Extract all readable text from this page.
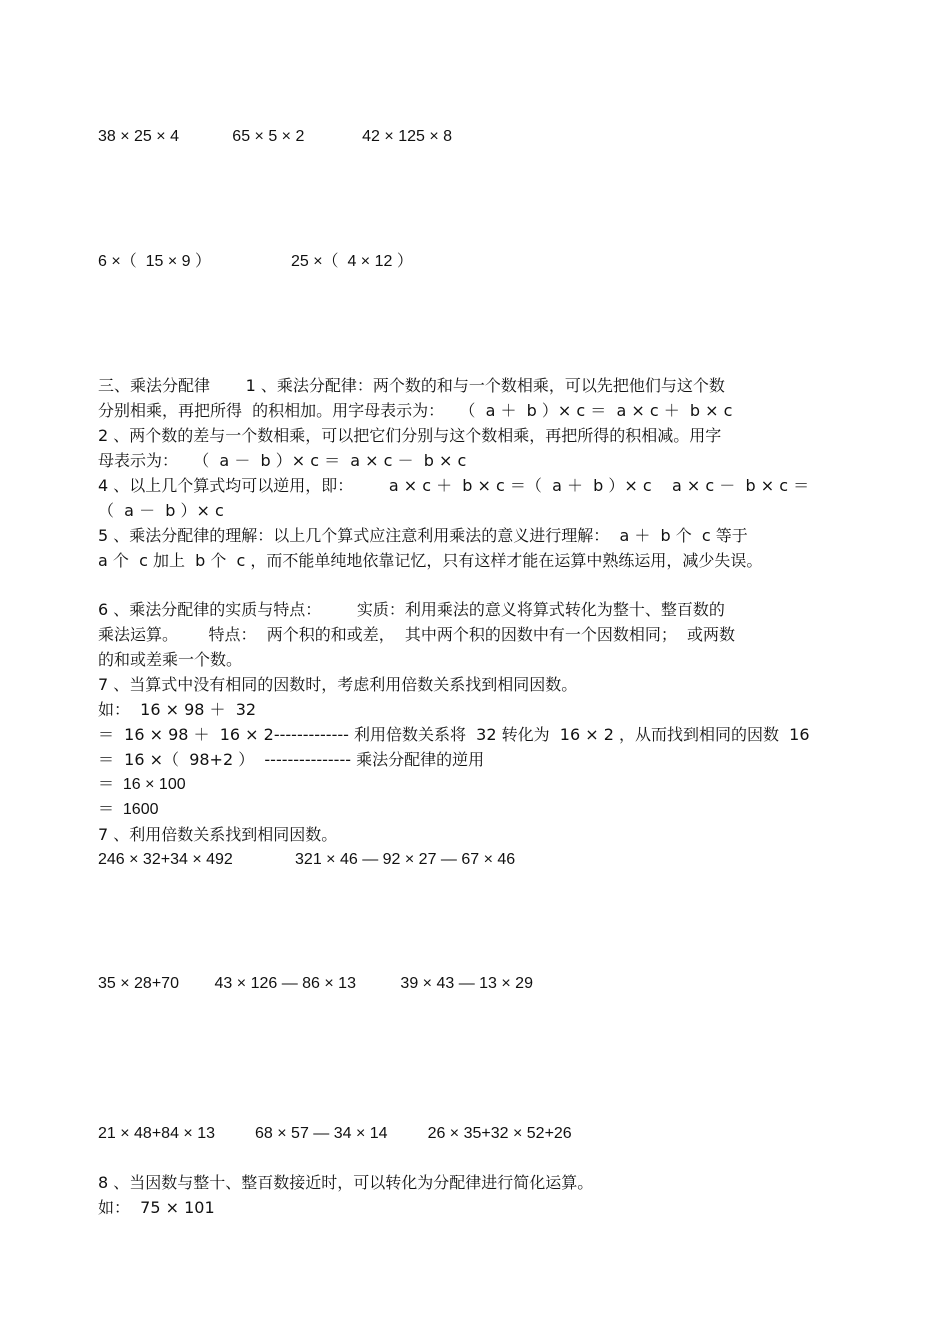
38 × 25 × 4            65 × 5 × 2             42 × 125 × 8
6 ×（  15 × 9 ）                  25 ×（  4 × 12 ）
三、乘法分配律       1 、乘法分配律：两个数的和与一个数相乘，可以先把他们与这个数
分别相乘，再把所得  的积相加。用字母表示为：   （  a ＋  b ）× c ＝  a × c ＋  b × c
2 、两个数的差与一个数相乘，可以把它们分别与这个数相乘，再把所得的积相减。用字
母表示为：   （  a －  b ）× c ＝  a × c －  b × c
4 、以上几个算式均可以逆用，即：       a × c ＋  b × c ＝（  a ＋  b ）× c    a × c －  b × c ＝
（  a －  b ）× c
5 、乘法分配律的理解：以上几个算式应注意利用乘法的意义进行理解：  a ＋  b 个  c 等于
a 个  c 加上  b 个  c ，而不能单纯地依靠记忆，只有这样才能在运算中熟练运用，减少失误。
6 、乘法分配律的实质与特点：       实质：利用乘法的意义将算式转化为整十、整百数的
乘法运算。      特点：  两个积的和或差，  其中两个积的因数中有一个因数相同；  或两数
的和或差乘一个数。
7 、当算式中没有相同的因数时，考虑利用倍数关系找到相同因数。
如：  16 × 98 ＋  32
＝  16 × 98 ＋  16 × 2------------- 利用倍数关系将  32 转化为  16 × 2 ，从而找到相同的因数  16
＝  16 ×（  98+2 ）  --------------- 乘法分配律的逆用
＝  16 × 100
＝  1600
7 、利用倍数关系找到相同因数。
246 × 32+34 × 492              321 × 46 — 92 × 27 — 67 × 46
35 × 28+70        43 × 126 — 86 × 13          39 × 43 — 13 × 29
21 × 48+84 × 13         68 × 57 — 34 × 14         26 × 35+32 × 52+26
8 、当因数与整十、整百数接近时，可以转化为分配律进行简化运算。
如：  75 × 101
